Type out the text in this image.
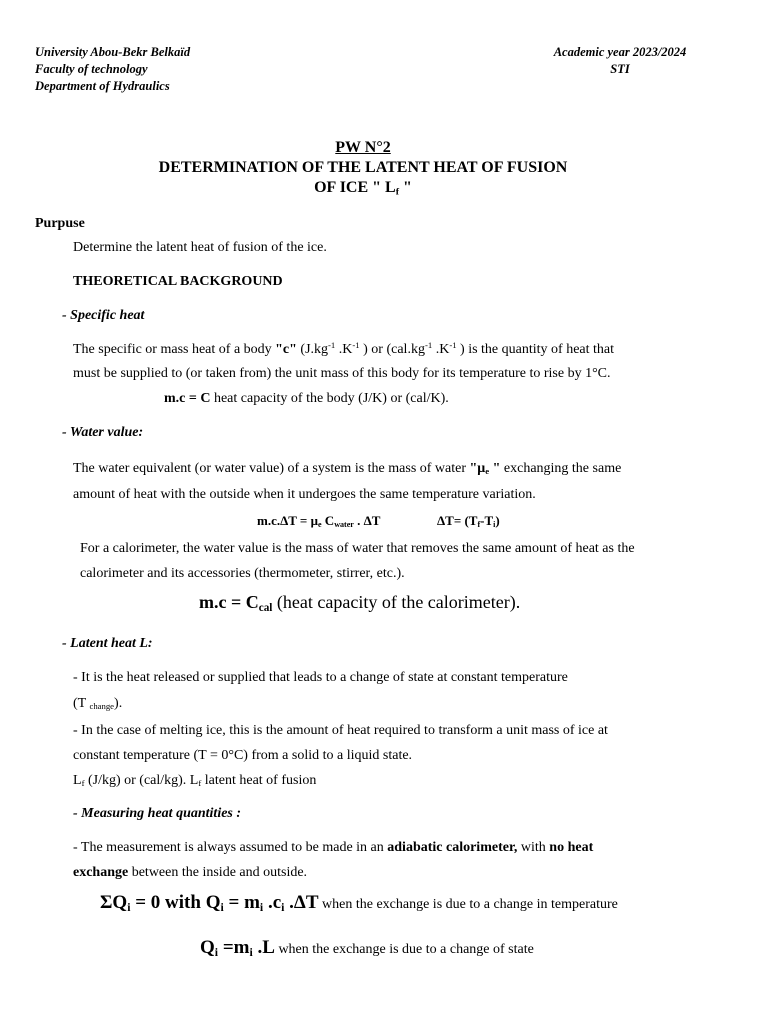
University Abou-Bekr Belkaïd
Faculty of technology
Department of Hydraulics
Academic year 2023/2024
STI
PW N°2
DETERMINATION OF THE LATENT HEAT OF FUSION
OF ICE " $L_f$ "
Purpuse
Determine the latent heat of fusion of the ice.
THEORETICAL BACKGROUND
- Specific heat
The specific or mass heat of a body "c" ($J.kg^{-1}$ $.K^{-1}$ ) or ($cal.kg^{-1}$ $.K^{-1}$ ) is the quantity of heat that
must be supplied to (or taken from) the unit mass of this body for its temperature to rise by 1°C.
m.c = C heat capacity of the body (J/K) or (cal/K).
- Water value:
The water equivalent (or water value) of a system is the mass of water "$\mu_e$ " exchanging the same
amount of heat with the outside when it undergoes the same temperature variation.
$m.c.\Delta T = \mu_e$ $C_{water}$ . ΔT	$\Delta T= (T_f-T_i)$
For a calorimeter, the water value is the mass of water that removes the same amount of heat as the
calorimeter and its accessories (thermometer, stirrer, etc.).
$m.c = C_{cal}$ (heat capacity of the calorimeter).
- Latent heat L:
- It is the heat released or supplied that leads to a change of state at constant temperature
(T $_{change}$).
- In the case of melting ice, this is the amount of heat required to transform a unit mass of ice at
constant temperature (T = 0°C) from a solid to a liquid state.
$L_f$ (J/kg) or (cal/kg). $L_f$ latent heat of fusion
- Measuring heat quantities :
- The measurement is always assumed to be made in an adiabatic calorimeter, with no heat
exchange between the inside and outside.
$\Sigma Q_i = 0$ with $Q_i = m_i$ $.c_i$ .ΔT when the exchange is due to a change in temperature
$Q_i =m_i$ .L when the exchange is due to a change of state
